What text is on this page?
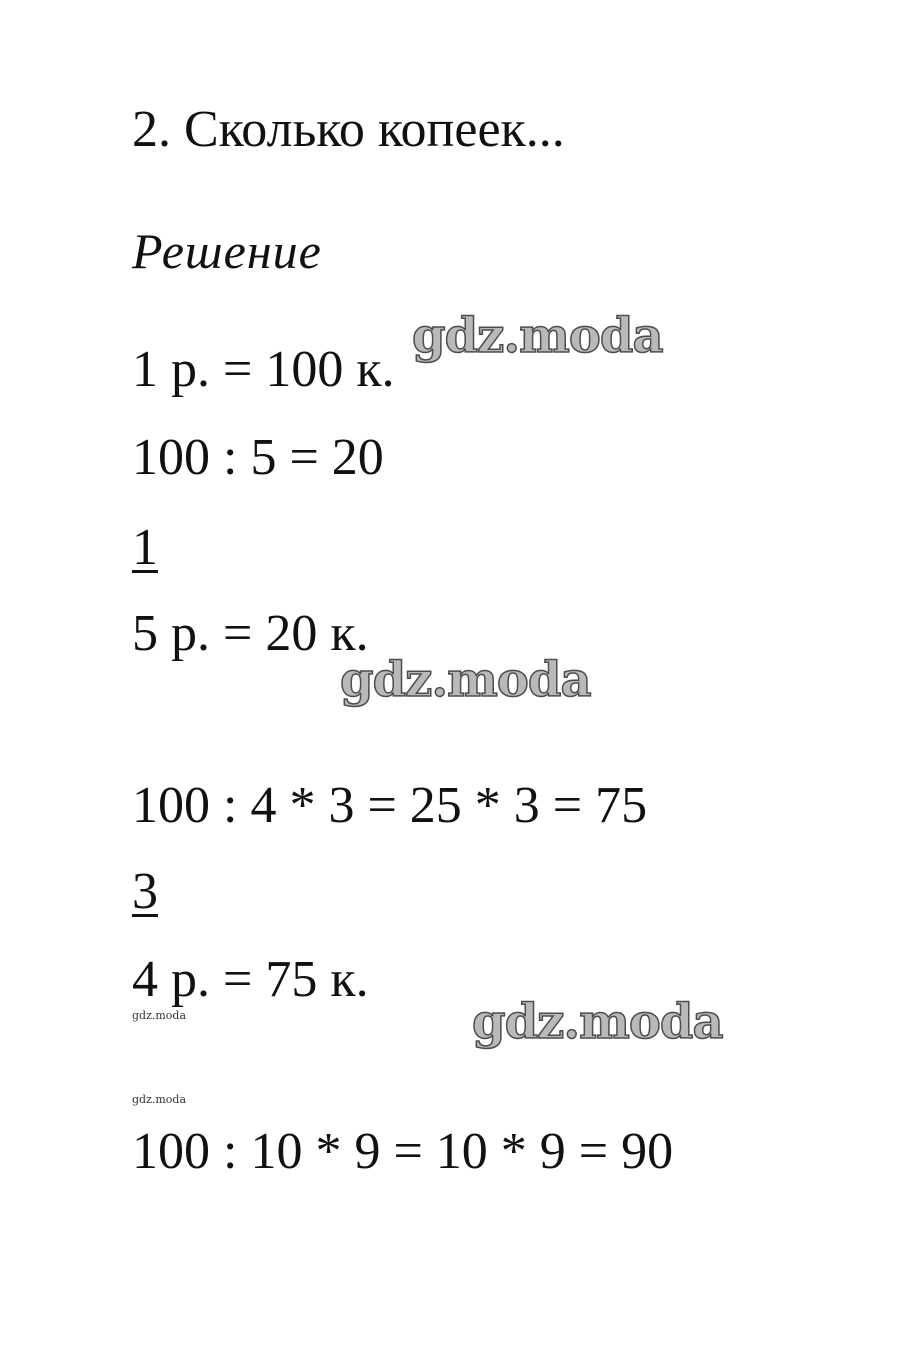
2. Сколько копеек...
Решение
1 р. = 100 к.
100 : 5 = 20
1
5 р. = 20 к.
100 : 4 * 3 = 25 * 3 = 75
3
4 р. = 75 к.
100 : 10 * 9 = 10 * 9 = 90
gdz.moda
gdz.moda
gdz.moda
gdz.moda
gdz.moda
